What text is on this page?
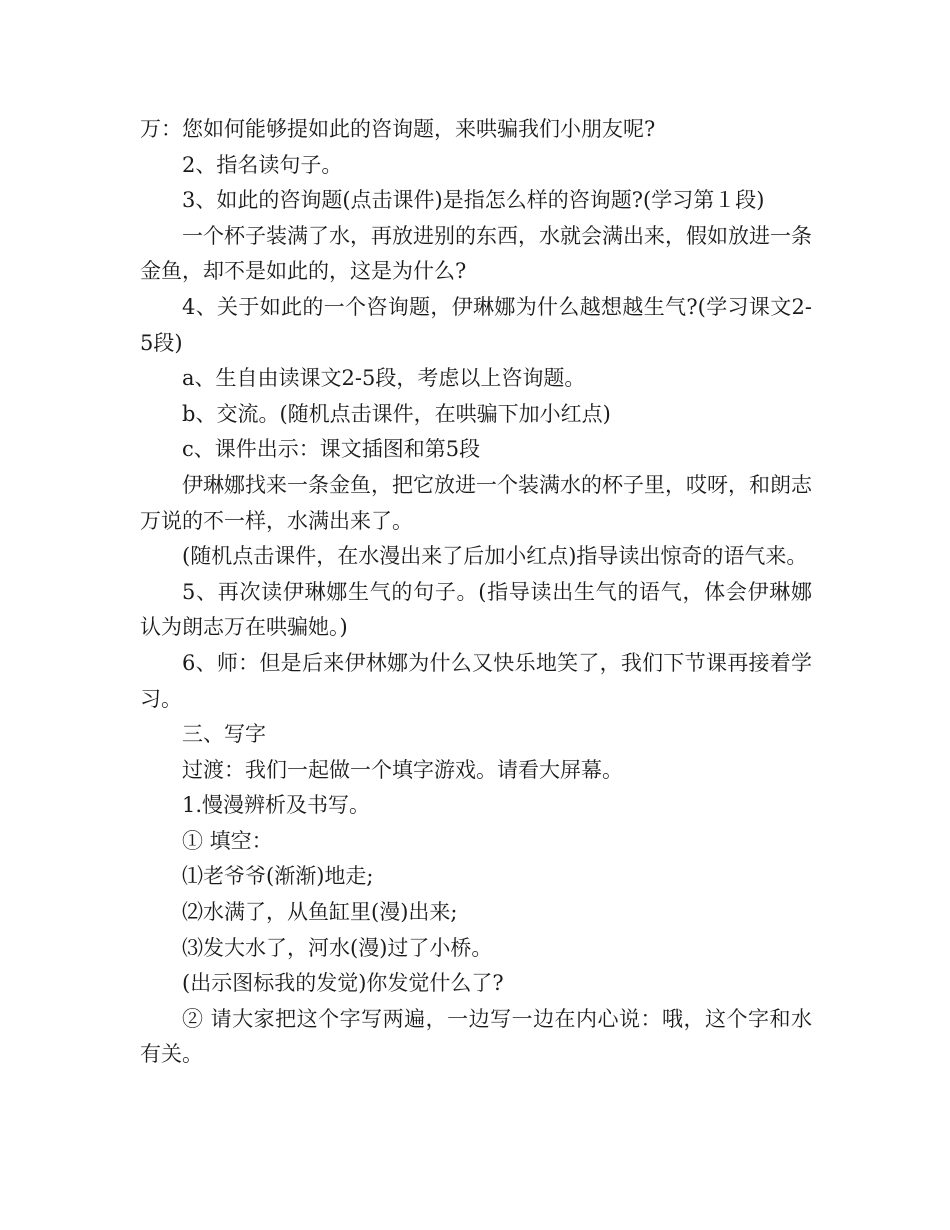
万：您如何能够提如此的咨询题，来哄骗我们小朋友呢?

2、指名读句子。

3、如此的咨询题(点击课件)是指怎么样的咨询题?(学习第１段)

一个杯子装满了水，再放进别的东西，水就会满出来，假如放进一条金鱼，却不是如此的，这是为什么?

4、关于如此的一个咨询题，伊琳娜为什么越想越生气?(学习课文2-5段)

a、生自由读课文2-5段，考虑以上咨询题。

b、交流。(随机点击课件，在哄骗下加小红点)

c、课件出示：课文插图和第5段

伊琳娜找来一条金鱼，把它放进一个装满水的杯子里，哎呀，和朗志万说的不一样，水满出来了。

(随机点击课件，在水漫出来了后加小红点)指导读出惊奇的语气来。

5、再次读伊琳娜生气的句子。(指导读出生气的语气，体会伊琳娜认为朗志万在哄骗她。)

6、师：但是后来伊林娜为什么又快乐地笑了，我们下节课再接着学习。

三、写字

过渡：我们一起做一个填字游戏。请看大屏幕。

1.慢漫辨析及书写。

① 填空：

⑴老爷爷(渐渐)地走;

⑵水满了，从鱼缸里(漫)出来;

⑶发大水了，河水(漫)过了小桥。

(出示图标我的发觉)你发觉什么了?

② 请大家把这个字写两遍，一边写一边在内心说：哦，这个字和水有关。
